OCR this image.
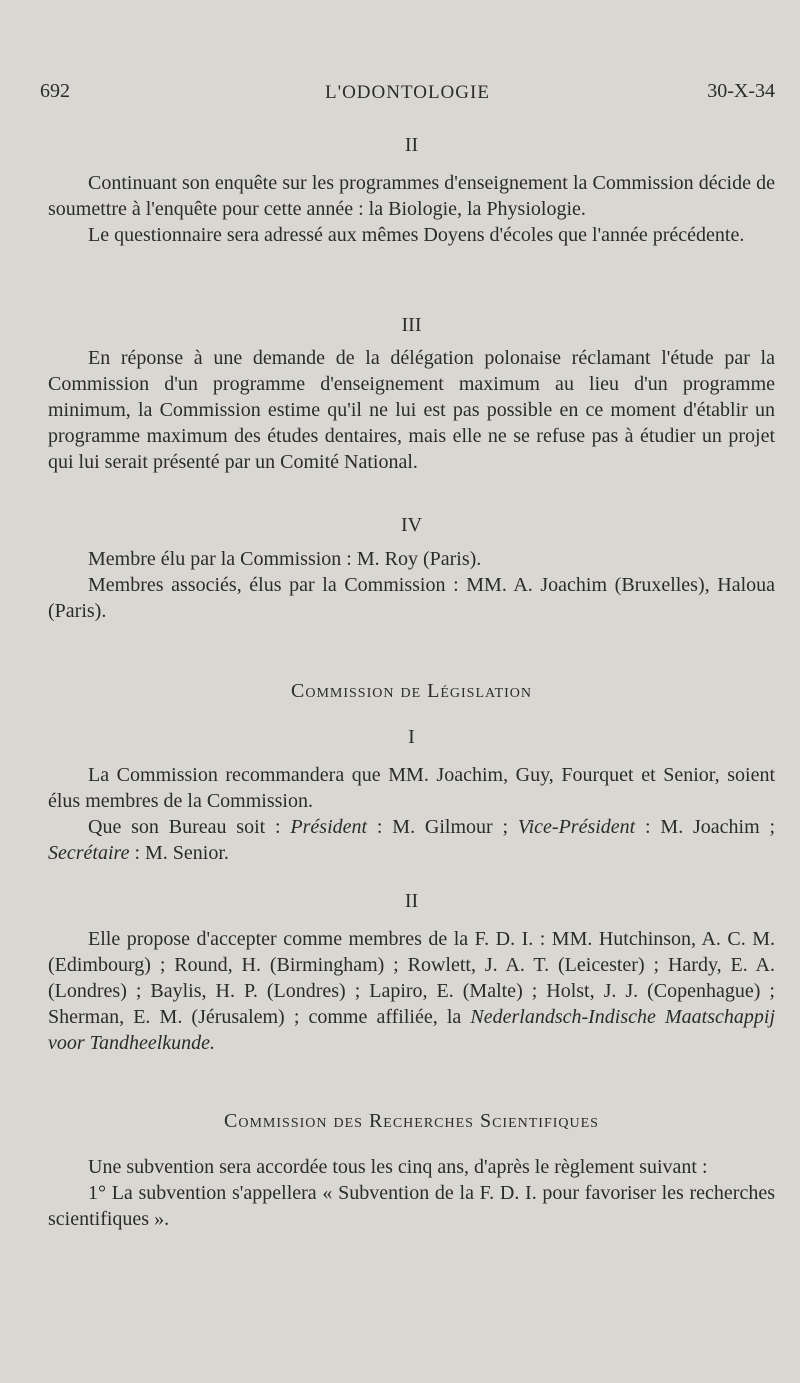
692	L'ODONTOLOGIE	30-X-34
II

Continuant son enquête sur les programmes d'enseignement la Commission décide de soumettre à l'enquête pour cette année : la Biologie, la Physiologie.

Le questionnaire sera adressé aux mêmes Doyens d'écoles que l'année précédente.

III

En réponse à une demande de la délégation polonaise réclamant l'étude par la Commission d'un programme d'enseignement maximum au lieu d'un programme minimum, la Commission estime qu'il ne lui est pas possible en ce moment d'établir un programme maximum des études dentaires, mais elle ne se refuse pas à étudier un projet qui lui serait présenté par un Comité National.

IV

Membre élu par la Commission : M. Roy (Paris).

Membres associés, élus par la Commission : MM. A. Joachim (Bruxelles), Haloua (Paris).

Commission de Législation
I

La Commission recommandera que MM. Joachim, Guy, Fourquet et Senior, soient élus membres de la Commission.

Que son Bureau soit : Président : M. Gilmour ; Vice-Président : M. Joachim ; Secrétaire : M. Senior.

II

Elle propose d'accepter comme membres de la F. D. I. : MM. Hutchinson, A. C. M. (Edimbourg) ; Round, H. (Birmingham) ; Rowlett, J. A. T. (Leicester) ; Hardy, E. A. (Londres) ; Baylis, H. P. (Londres) ; Lapiro, E. (Malte) ; Holst, J. J. (Copenhague) ; Sherman, E. M. (Jérusalem) ; comme affiliée, la Nederlandsch-Indische Maatschappij voor Tandheelkunde.

Commission des Recherches Scientifiques

Une subvention sera accordée tous les cinq ans, d'après le règlement suivant :

1° La subvention s'appellera « Subvention de la F. D. I. pour favoriser les recherches scientifiques ».
